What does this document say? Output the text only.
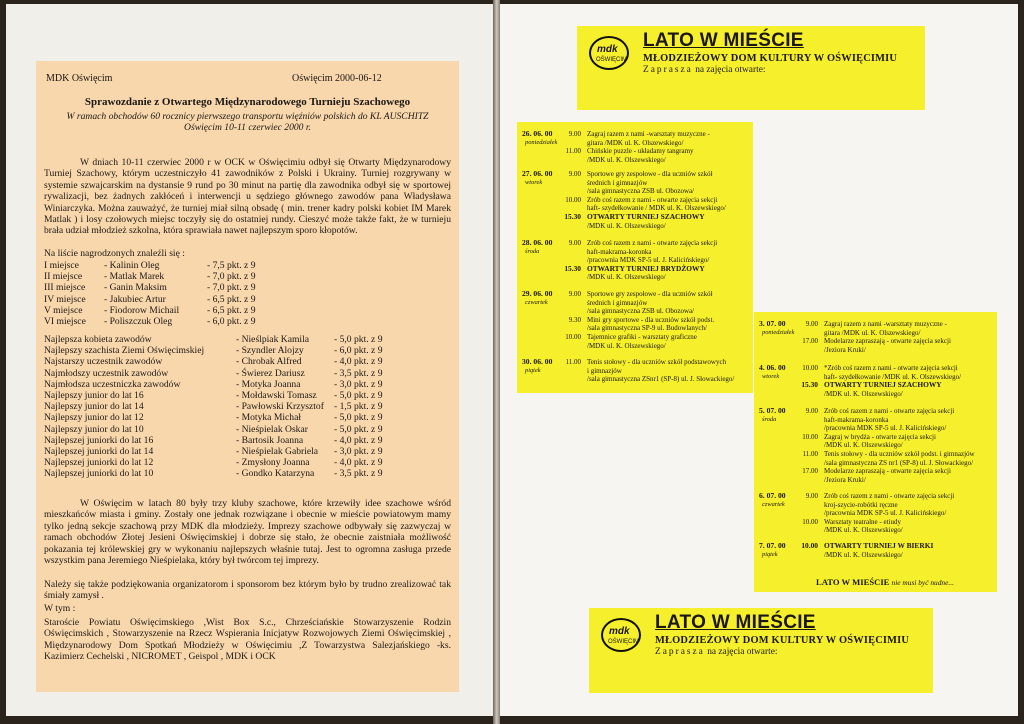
MDK Oświęcim	Oświęcim 2000-06-12
Sprawozdanie z Otwartego Międzynarodowego Turnieju Szachowego
W ramach obchodów 60 rocznicy pierwszego transportu więźniów polskich do KL AUSCHITZ Oświęcim 10-11 czerwiec 2000 r.
W dniach 10-11 czerwiec 2000 r w OCK w Oświęcimiu odbył się Otwarty Międzynarodowy Turniej Szachowy, którym uczestniczyło 41 zawodników z Polski i Ukrainy. Turniej rozgrywany w systemie szwajcarskim na dystansie 9 rund po 30 minut na partię dla zawodnika odbył się w sportowej rywalizacji, bez żadnych zakłóceń i interwencji u sędziego głównego zawodów pana Władysława Winiarczyka. Można zauważyć, że turniej miał silną obsadę ( min. trener kadry polski kobiet IM Marek Matlak ) i losy czołowych miejsc toczyły się do ostatniej rundy. Cieszyć może także fakt, że w turnieju brała udział młodzież szkolna, która sprawiała nawet najlepszym sporo kłopotów.
Na liście nagrodzonych znaleźli się :
I miejsce	- Kalinin Oleg	- 7,5 pkt. z 9
II miejsce - Matlak Marek	- 7,0 pkt. z 9
III miejsce - Ganin Maksim	- 7,0 pkt. z 9
IV miejsce - Jakubiec Artur	- 6,5 pkt. z 9
V miejsce - Fiodorow Michail	- 6,5 pkt. z 9
VI miejsce - Poliszczuk Oleg	- 6,0 pkt. z 9
Najlepsza kobieta zawodów	- Nieślpiak Kamila	- 5,0 pkt. z 9
Najlepszy szachista Ziemi Oświęcimskiej	- Szyndler Alojzy	- 6,0 pkt. z 9
Najstarszy uczestnik zawodów	- Chrobak Alfred	- 4,0 pkt. z 9
Najmłodszy uczestnik zawodów	- Świerez Dariusz	- 3,5 pkt. z 9
Najmłodsza uczestniczka zawodów	- Motyka Joanna	- 3,0 pkt. z 9
Najlepszy junior do lat 16	- Mołdawski Tomasz - 5,0 pkt. z 9
Najlepszy junior do lat 14	- Pawłowski Krzysztof - 1,5 pkt. z 9
Najlepszy junior do lat 12	- Motyka Michał	- 5,0 pkt. z 9
Najlepszy junior do lat 10	- Nieśpielak Oskar	- 5,0 pkt. z 9
Najlepszej juniorki do lat 16	- Bartosik Joanna	- 4,0 pkt. z 9
Najlepszej juniorki do lat 14	- Nieśpielak Gabriela - 3,0 pkt. z 9
Najlepszej juniorki do lat 12	- Zmysłony Joanna	- 4,0 pkt. z 9
Najlepszej juniorki do lat 10	- Gondko Katarzyna - 3,5 pkt. z 9
W Oświęcim w latach 80 były trzy kluby szachowe, które krzewiły idee szachowe wśród mieszkańców miasta i gminy. Zostały one jednak rozwiązane i obecnie w mieście powiatowym mamy tylko jedną sekcje szachową przy MDK dla młodzieży. Imprezy szachowe odbywały się zazwyczaj w ramach obchodów Złotej Jesieni Oświęcimskiej i dobrze się stało, że obecnie zaistniała możliwość pokazania tej królewskiej gry w wykonaniu najlepszych właśnie tutaj. Jest to ogromna zasługa przede wszystkim pana Jeremiego Nieśpielaka, który był twórcom tej imprezy.
Należy się także podziękowania organizatorom i sponsorom bez którym było by trudno zrealizować tak śmiały zamysł .
W tym :
Staroście Powiatu Oświęcimskiego ,Wist Box S.c., Chrześciańskie Stowarzyszenie Rodzin Oświęcimskich , Stowarzyszenie na Rzecz Wspierania Inicjatyw Rozwojowych Ziemi Oświęcimskiej , Międzynarodowy Dom Spotkań Młodzieży w Oświęcimiu ,Z Towarzystwa Salezjańskiego -ks. Kazimierz Cechelski , NICROMET , Geispol , MDK i OCK
mdk
OŚWIĘCIM
LATO W MIEŚCIE
MŁODZIEŻOWY DOM KULTURY W OŚWIĘCIMIU
Zaprasza na zajęcia otwarte:
26. 06. 00
poniedziałek
9.00 Zagraj razem z nami -warsztaty muzyczne -
gitara /MDK ul. K. Olszewskiego/
11.00 Chińskie puzzle - układamy tangramy
/MDK ul. K. Olszewskiego/
27. 06. 00
wtorek
9.00 Sportowe gry zespołowe - dla uczniów szkół
średnich i gimnazjów
/sala gimnastyczna ZSB ul. Obozowa/
10.00 Zrób coś razem z nami - otwarte zajęcia sekcji
haft- szydełkowanie / MDK ul. K. Olszewskiego/
15.30 OTWARTY TURNIEJ SZACHOWY
/MDK ul. K. Olszewskiego/
28. 06. 00
środa
9.00 Zrób coś razem z nami - otwarte zajęcia sekcji
haft-makrama-koronka
/pracownia MDK SP-5 ul. J. Kalicińskiego/
15.30 OTWARTY TURNIEJ BRYDŻOWY
/MDK ul. K. Olszewskiego/
29. 06. 00
czwartek
9.00 Sportowe gry zespołowe - dla uczniów szkół
średnich i gimnazjów
/sala gimnastyczna ZSB ul. Obozowa/
9.30 Mini gry sportowe - dla uczniów szkół podst.
/sala gimnastyczna SP-9 ul. Budowlanych/
10.00 Tajemnice grafiki - warsztaty graficzne
/MDK ul. K. Olszewskiego/
30. 06. 00
piątek
11.00 Tenis stołowy - dla uczniów szkół podstawowych
i gimnazjów
/sala gimnastyczna ZSnr1 (SP-8) ul. J. Słowackiego/
LATO W MIEŚCIE nie musi być nudne...
3. 07. 00
poniedziałek
9.00 Zagraj razem z nami -warsztaty muzyczne -
gitara /MDK ul. K. Olszewskiego/
17.00 Modelarze zapraszają - otwarte zajęcia sekcji
/Jeziora Kruki/
4. 06. 00
wtorek
10.00 *Zrób coś razem z nami - otwarte zajęcia sekcji
haft- szydełkowanie /MDK ul. K. Olszewskiego/
15.30 OTWARTY TURNIEJ SZACHOWY
/MDK ul. K. Olszewskiego/
5. 07. 00
środa
9.00 Zrób coś razem z nami - otwarte zajęcia sekcji
haft-makrama-koronka
/pracownia MDK SP-5 ul. J. Kalicińskiego/
10.00 Zagraj w brydża - otwarte zajęcia sekcji
/MDK ul. K. Olszewskiego/
11.00 Tenis stołowy - dla uczniów szkół podst. i gimnazjów
/sala gimnastyczna ZS nr1 (SP-8) ul. J. Słowackiego/
17.00 Modelarze zapraszają - otwarte zajęcia sekcji
/Jeziora Kruki/
6. 07. 00
czwartek
9.00 Zrób coś razem z nami - otwarte zajęcia sekcji
kroj-szycie-robótki ręczne
/pracownia MDK SP-5 ul. J. Kalicińskiego/
10.00 Warsztaty teatralne - etiudy
/MDK ul. K. Olszewskiego/
7. 07. 00
piątek
10.00 OTWARTY TURNIEJ W BIERKI
/MDK ul. K. Olszewskiego/
mdk
OŚWIĘCIM
LATO W MIEŚCIE
MŁODZIEŻOWY DOM KULTURY W OŚWIĘCIMIU
Zaprasza na zajęcia otwarte:
